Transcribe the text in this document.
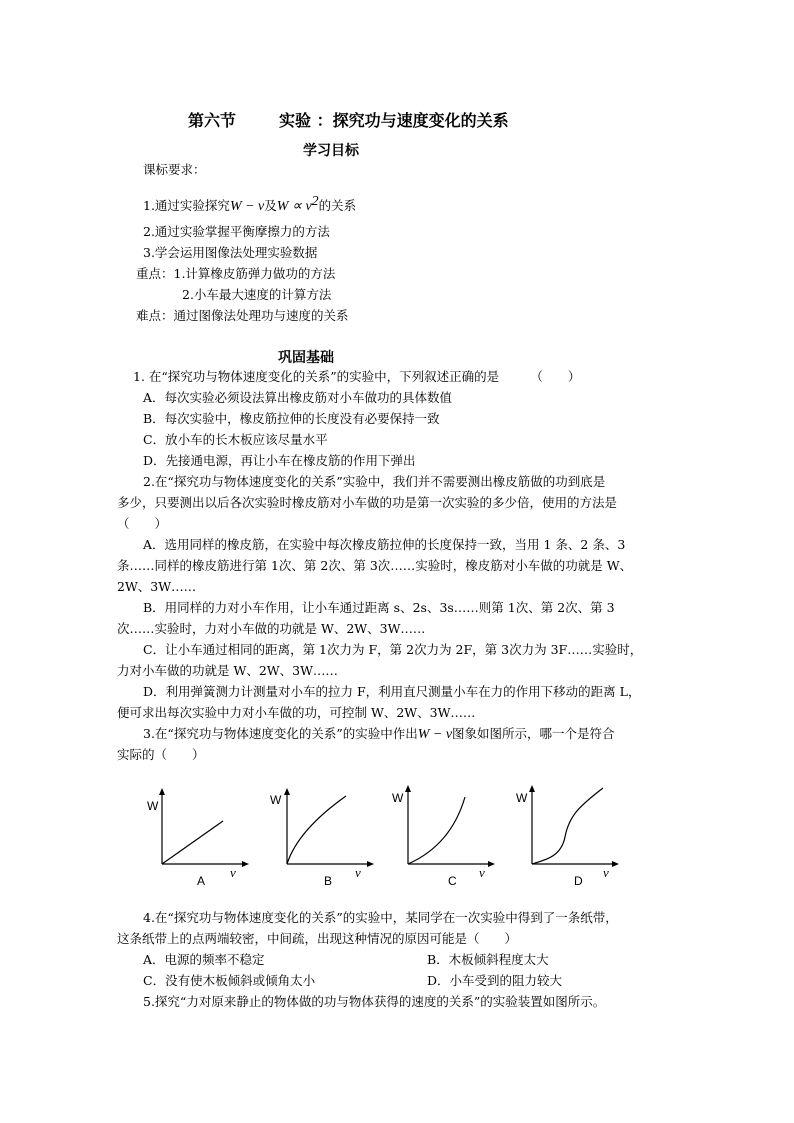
第六节	实验 ：探究功与速度变化的关系
学习目标
课标要求：
1.通过实验探究W − v及$W \propto v^2$的关系
2.通过实验掌握平衡摩擦力的方法
3.学会运用图像法处理实验数据
重点：1.计算橡皮筋弹力做功的方法
2.小车最大速度的计算方法
难点：通过图像法处理功与速度的关系
巩固基础
1. 在“探究功与物体速度变化的关系”的实验中，下列叙述正确的是　　　（　　）
A．每次实验必须设法算出橡皮筋对小车做功的具体数值
B．每次实验中，橡皮筋拉伸的长度没有必要保持一致
C．放小车的长木板应该尽量水平
D．先接通电源，再让小车在橡皮筋的作用下弹出
2.在“探究功与物体速度变化的关系”实验中，我们并不需要测出橡皮筋做的功到底是
多少，只要测出以后各次实验时橡皮筋对小车做的功是第一次实验的多少倍，使用的方法是
（　　）
A．选用同样的橡皮筋，在实验中每次橡皮筋拉伸的长度保持一致，当用 1 条、2 条、3
条……同样的橡皮筋进行第 1次、第 2次、第 3次……实验时，橡皮筋对小车做的功就是 W、
2W、3W……
B．用同样的力对小车作用，让小车通过距离 s、2s、3s……则第 1次、第 2次、第 3
次……实验时，力对小车做的功就是 W、2W、3W……
C．让小车通过相同的距离，第 1次力为 F，第 2次力为 2F，第 3次力为 3F……实验时，
力对小车做的功就是 W、2W、3W……
D．利用弹簧测力计测量对小车的拉力 F，利用直尺测量小车在力的作用下移动的距离 L，
便可求出每次实验中力对小车做的功，可控制 W、2W、3W……
3.在“探究功与物体速度变化的关系”的实验中作出W − v图象如图所示，哪一个是符合
实际的（　　）
W
A
v
W
B
v
W
C
v
W
D
v
4.在“探究功与物体速度变化的关系”的实验中，某同学在一次实验中得到了一条纸带，
这条纸带上的点两端较密，中间疏，出现这种情况的原因可能是（　　）
A．电源的频率不稳定	B．木板倾斜程度太大
C．没有使木板倾斜或倾角太小	D．小车受到的阻力较大
5.探究“力对原来静止的物体做的功与物体获得的速度的关系”的实验装置如图所示。
